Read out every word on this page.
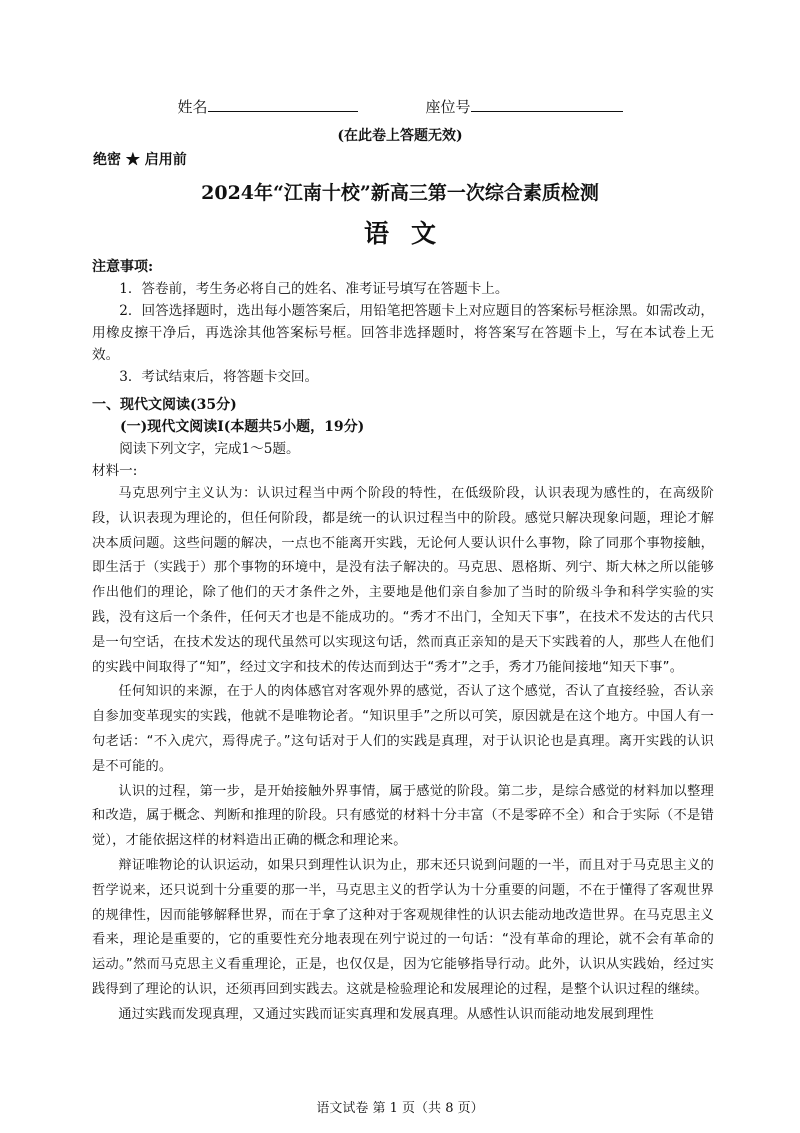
姓名	座位号
(在此卷上答题无效)
绝密 ★ 启用前
2024年“江南十校”新高三第一次综合素质检测
语文

注意事项:

1．答卷前，考生务必将自己的姓名、准考证号填写在答题卡上。

2．回答选择题时，选出每小题答案后，用铅笔把答题卡上对应题目的答案标号框涂黑。如需改动，用橡皮擦干净后，再选涂其他答案标号框。回答非选择题时，将答案写在答题卡上，写在本试卷上无效。

3．考试结束后，将答题卡交回。

一、现代文阅读(35分)

(一)现代文阅读Ⅰ(本题共5小题，19分)

阅读下列文字，完成1～5题。

材料一:

马克思列宁主义认为：认识过程当中两个阶段的特性，在低级阶段，认识表现为感性的，在高级阶段，认识表现为理论的，但任何阶段，都是统一的认识过程当中的阶段。感觉只解决现象问题，理论才解决本质问题。这些问题的解决，一点也不能离开实践，无论何人要认识什么事物，除了同那个事物接触，即生活于（实践于）那个事物的环境中，是没有法子解决的。马克思、恩格斯、列宁、斯大林之所以能够作出他们的理论，除了他们的天才条件之外，主要地是他们亲自参加了当时的阶级斗争和科学实验的实践，没有这后一个条件，任何天才也是不能成功的。“秀才不出门，全知天下事”，在技术不发达的古代只是一句空话，在技术发达的现代虽然可以实现这句话，然而真正亲知的是天下实践着的人，那些人在他们的实践中间取得了“知”，经过文字和技术的传达而到达于“秀才”之手，秀才乃能间接地“知天下事”。

任何知识的来源，在于人的肉体感官对客观外界的感觉，否认了这个感觉，否认了直接经验，否认亲自参加变革现实的实践，他就不是唯物论者。“知识里手”之所以可笑，原因就是在这个地方。中国人有一句老话：“不入虎穴，焉得虎子。”这句话对于人们的实践是真理，对于认识论也是真理。离开实践的认识是不可能的。

认识的过程，第一步，是开始接触外界事情，属于感觉的阶段。第二步，是综合感觉的材料加以整理和改造，属于概念、判断和推理的阶段。只有感觉的材料十分丰富（不是零碎不全）和合于实际（不是错觉），才能依据这样的材料造出正确的概念和理论来。

辩证唯物论的认识运动，如果只到理性认识为止，那末还只说到问题的一半，而且对于马克思主义的哲学说来，还只说到十分重要的那一半，马克思主义的哲学认为十分重要的问题，不在于懂得了客观世界的规律性，因而能够解释世界，而在于拿了这种对于客观规律性的认识去能动地改造世界。在马克思主义看来，理论是重要的，它的重要性充分地表现在列宁说过的一句话：“没有革命的理论，就不会有革命的运动。”然而马克思主义看重理论，正是，也仅仅是，因为它能够指导行动。此外，认识从实践始，经过实践得到了理论的认识，还须再回到实践去。这就是检验理论和发展理论的过程，是整个认识过程的继续。

通过实践而发现真理，又通过实践而证实真理和发展真理。从感性认识而能动地发展到理性

语文试卷 第 1 页（共 8 页）
